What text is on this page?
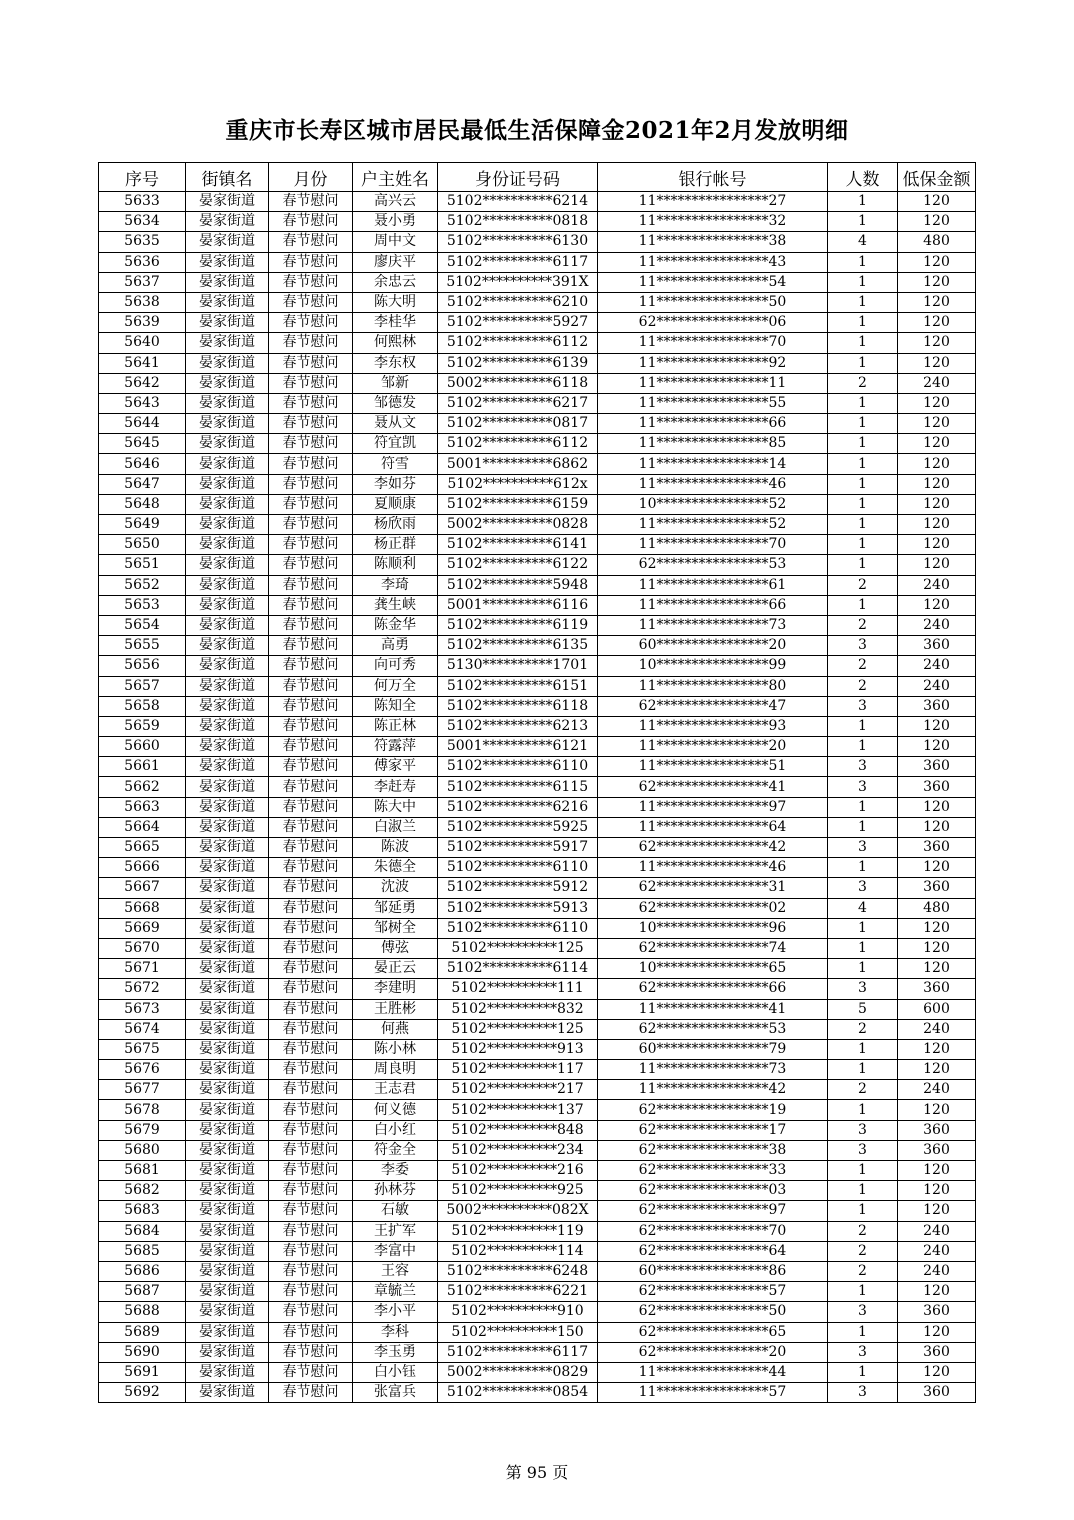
重庆市长寿区城市居民最低生活保障金2021年2月发放明细
序号	街镇名	月份	户主姓名	身份证号码	银行帐号	人数	低保金额
5633	晏家街道	春节慰问	高兴云	5102**********6214	11****************27	1	120
5634	晏家街道	春节慰问	聂小勇	5102**********0818	11****************32	1	120
5635	晏家街道	春节慰问	周中文	5102**********6130	11****************38	4	480
5636	晏家街道	春节慰问	廖庆平	5102**********6117	11****************43	1	120
5637	晏家街道	春节慰问	余忠云	5102**********391X	11****************54	1	120
5638	晏家街道	春节慰问	陈大明	5102**********6210	11****************50	1	120
5639	晏家街道	春节慰问	李桂华	5102**********5927	62****************06	1	120
5640	晏家街道	春节慰问	何熙林	5102**********6112	11****************70	1	120
5641	晏家街道	春节慰问	李东权	5102**********6139	11****************92	1	120
5642	晏家街道	春节慰问	邹新	5002**********6118	11****************11	2	240
5643	晏家街道	春节慰问	邹德发	5102**********6217	11****************55	1	120
5644	晏家街道	春节慰问	聂从文	5102**********0817	11****************66	1	120
5645	晏家街道	春节慰问	符宜凯	5102**********6112	11****************85	1	120
5646	晏家街道	春节慰问	符雪	5001**********6862	11****************14	1	120
5647	晏家街道	春节慰问	李如芬	5102**********612x	11****************46	1	120
5648	晏家街道	春节慰问	夏顺康	5102**********6159	10****************52	1	120
5649	晏家街道	春节慰问	杨欣雨	5002**********0828	11****************52	1	120
5650	晏家街道	春节慰问	杨正群	5102**********6141	11****************70	1	120
5651	晏家街道	春节慰问	陈顺利	5102**********6122	62****************53	1	120
5652	晏家街道	春节慰问	李琦	5102**********5948	11****************61	2	240
5653	晏家街道	春节慰问	龚生峡	5001**********6116	11****************66	1	120
5654	晏家街道	春节慰问	陈金华	5102**********6119	11****************73	2	240
5655	晏家街道	春节慰问	高勇	5102**********6135	60****************20	3	360
5656	晏家街道	春节慰问	向可秀	5130**********1701	10****************99	2	240
5657	晏家街道	春节慰问	何万全	5102**********6151	11****************80	2	240
5658	晏家街道	春节慰问	陈知全	5102**********6118	62****************47	3	360
5659	晏家街道	春节慰问	陈正林	5102**********6213	11****************93	1	120
5660	晏家街道	春节慰问	符露萍	5001**********6121	11****************20	1	120
5661	晏家街道	春节慰问	傅家平	5102**********6110	11****************51	3	360
5662	晏家街道	春节慰问	李赶寿	5102**********6115	62****************41	3	360
5663	晏家街道	春节慰问	陈大中	5102**********6216	11****************97	1	120
5664	晏家街道	春节慰问	白淑兰	5102**********5925	11****************64	1	120
5665	晏家街道	春节慰问	陈波	5102**********5917	62****************42	3	360
5666	晏家街道	春节慰问	朱德全	5102**********6110	11****************46	1	120
5667	晏家街道	春节慰问	沈波	5102**********5912	62****************31	3	360
5668	晏家街道	春节慰问	邹延勇	5102**********5913	62****************02	4	480
5669	晏家街道	春节慰问	邹树全	5102**********6110	10****************96	1	120
5670	晏家街道	春节慰问	傅弦	5102**********125	62****************74	1	120
5671	晏家街道	春节慰问	晏正云	5102**********6114	10****************65	1	120
5672	晏家街道	春节慰问	李建明	5102**********111	62****************66	3	360
5673	晏家街道	春节慰问	王胜彬	5102**********832	11****************41	5	600
5674	晏家街道	春节慰问	何燕	5102**********125	62****************53	2	240
5675	晏家街道	春节慰问	陈小林	5102**********913	60****************79	1	120
5676	晏家街道	春节慰问	周良明	5102**********117	11****************73	1	120
5677	晏家街道	春节慰问	王志君	5102**********217	11****************42	2	240
5678	晏家街道	春节慰问	何义德	5102**********137	62****************19	1	120
5679	晏家街道	春节慰问	白小红	5102**********848	62****************17	3	360
5680	晏家街道	春节慰问	符金全	5102**********234	62****************38	3	360
5681	晏家街道	春节慰问	李委	5102**********216	62****************33	1	120
5682	晏家街道	春节慰问	孙林芬	5102**********925	62****************03	1	120
5683	晏家街道	春节慰问	石敏	5002**********082X	62****************97	1	120
5684	晏家街道	春节慰问	王扩军	5102**********119	62****************70	2	240
5685	晏家街道	春节慰问	李富中	5102**********114	62****************64	2	240
5686	晏家街道	春节慰问	王容	5102**********6248	60****************86	2	240
5687	晏家街道	春节慰问	章毓兰	5102**********6221	62****************57	1	120
5688	晏家街道	春节慰问	李小平	5102**********910	62****************50	3	360
5689	晏家街道	春节慰问	李科	5102**********150	62****************65	1	120
5690	晏家街道	春节慰问	李玉勇	5102**********6117	62****************20	3	360
5691	晏家街道	春节慰问	白小钰	5002**********0829	11****************44	1	120
5692	晏家街道	春节慰问	张富兵	5102**********0854	11****************57	3	360
第 95 页
